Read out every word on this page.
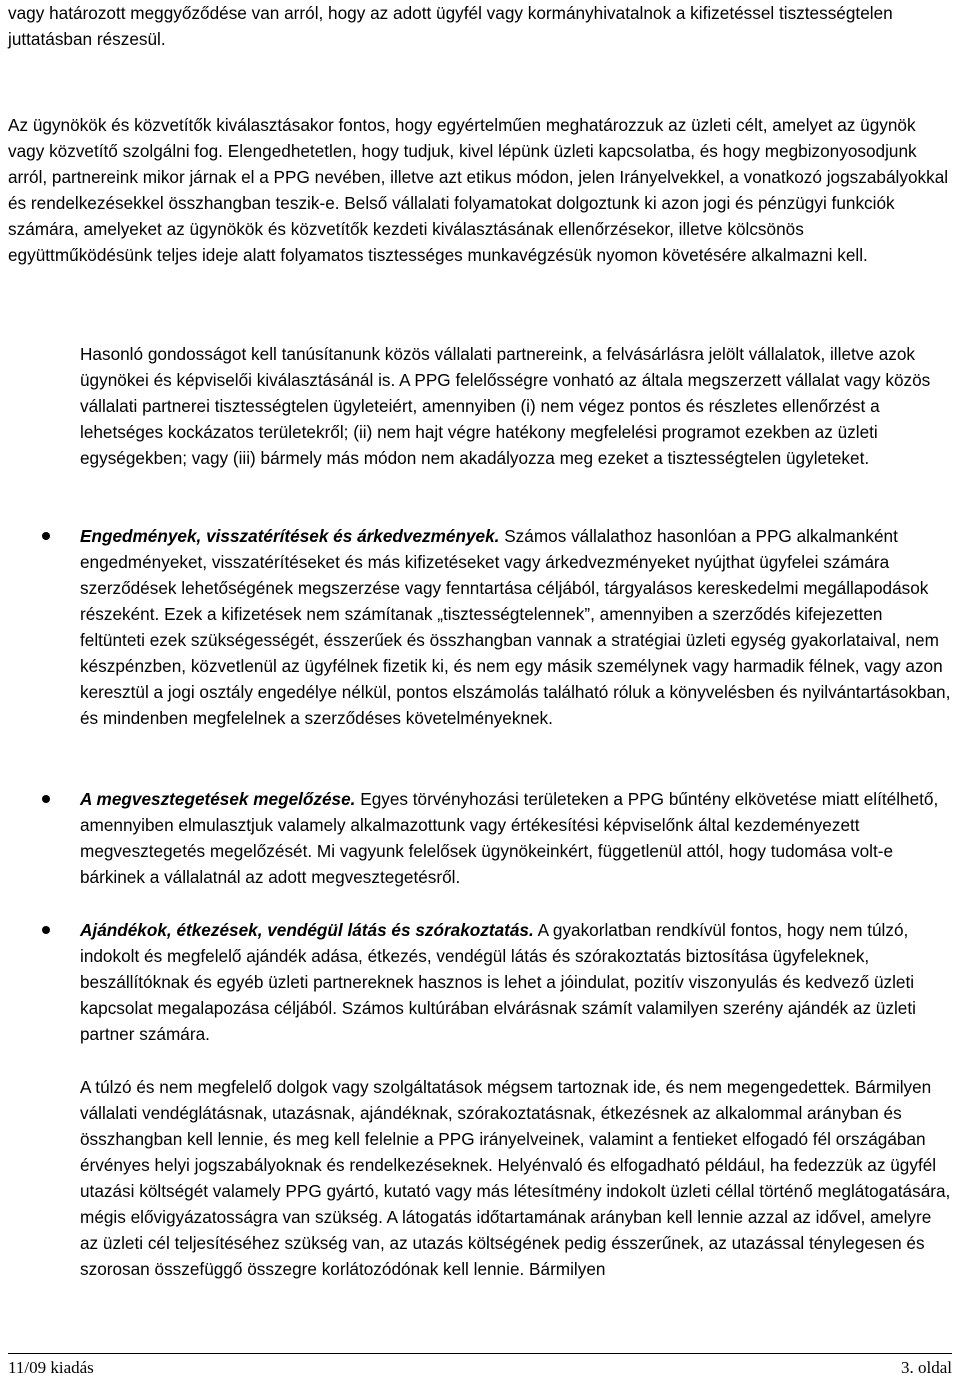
vagy határozott meggyőződése van arról, hogy az adott ügyfél vagy kormányhivatalnok a kifizetéssel tisztességtelen juttatásban részesül.

Az ügynökök és közvetítők kiválasztásakor fontos, hogy egyértelműen meghatározzuk az üzleti célt, amelyet az ügynök vagy közvetítő szolgálni fog. Elengedhetetlen, hogy tudjuk, kivel lépünk üzleti kapcsolatba, és hogy megbizonyosodjunk arról, partnereink mikor járnak el a PPG nevében, illetve azt etikus módon, jelen Irányelvekkel, a vonatkozó jogszabályokkal és rendelkezésekkel összhangban teszik-e. Belső vállalati folyamatokat dolgoztunk ki azon jogi és pénzügyi funkciók számára, amelyeket az ügynökök és közvetítők kezdeti kiválasztásának ellenőrzésekor, illetve kölcsönös együttműködésünk teljes ideje alatt folyamatos tisztességes munkavégzésük nyomon követésére alkalmazni kell.

Hasonló gondosságot kell tanúsítanunk közös vállalati partnereink, a felvásárlásra jelölt vállalatok, illetve azok ügynökei és képviselői kiválasztásánál is. A PPG felelősségre vonható az általa megszerzett vállalat vagy közös vállalati partnerei tisztességtelen ügyleteiért, amennyiben (i) nem végez pontos és részletes ellenőrzést a lehetséges kockázatos területekről; (ii) nem hajt végre hatékony megfelelési programot ezekben az üzleti egységekben; vagy (iii) bármely más módon nem akadályozza meg ezeket a tisztességtelen ügyleteket.

Engedmények, visszatérítések és árkedvezmények. Számos vállalathoz hasonlóan a PPG alkalmanként engedményeket, visszatérítéseket és más kifizetéseket vagy árkedvezményeket nyújthat ügyfelei számára szerződések lehetőségének megszerzése vagy fenntartása céljából, tárgyalásos kereskedelmi megállapodások részeként. Ezek a kifizetések nem számítanak „tisztességtelennek”, amennyiben a szerződés kifejezetten feltünteti ezek szükségességét, ésszerűek és összhangban vannak a stratégiai üzleti egység gyakorlataival, nem készpénzben, közvetlenül az ügyfélnek fizetik ki, és nem egy másik személynek vagy harmadik félnek, vagy azon keresztül a jogi osztály engedélye nélkül, pontos elszámolás található róluk a könyvelésben és nyilvántartásokban, és mindenben megfelelnek a szerződéses követelményeknek.

A megvesztegetések megelőzése. Egyes törvényhozási területeken a PPG bűntény elkövetése miatt elítélhető, amennyiben elmulasztjuk valamely alkalmazottunk vagy értékesítési képviselőnk által kezdeményezett megvesztegetés megelőzését. Mi vagyunk felelősek ügynökeinkért, függetlenül attól, hogy tudomása volt-e bárkinek a vállalatnál az adott megvesztegetésről.

Ajándékok, étkezések, vendégül látás és szórakoztatás. A gyakorlatban rendkívül fontos, hogy nem túlzó, indokolt és megfelelő ajándék adása, étkezés, vendégül látás és szórakoztatás biztosítása ügyfeleknek, beszállítóknak és egyéb üzleti partnereknek hasznos is lehet a jóindulat, pozitív viszonyulás és kedvező üzleti kapcsolat megalapozása céljából. Számos kultúrában elvárásnak számít valamilyen szerény ajándék az üzleti partner számára.

A túlzó és nem megfelelő dolgok vagy szolgáltatások mégsem tartoznak ide, és nem megengedettek. Bármilyen vállalati vendéglátásnak, utazásnak, ajándéknak, szórakoztatásnak, étkezésnek az alkalommal arányban és összhangban kell lennie, és meg kell felelnie a PPG irányelveinek, valamint a fentieket elfogadó fél országában érvényes helyi jogszabályoknak és rendelkezéseknek. Helyénvaló és elfogadható például, ha fedezzük az ügyfél utazási költségét valamely PPG gyártó, kutató vagy más létesítmény indokolt üzleti céllal történő meglátogatására, mégis elővigyázatosságra van szükség. A látogatás időtartamának arányban kell lennie azzal az idővel, amelyre az üzleti cél teljesítéséhez szükség van, az utazás költségének pedig ésszerűnek, az utazással ténylegesen és szorosan összefüggő összegre korlátozódónak kell lennie. Bármilyen

11/09 kiadás	3. oldal
